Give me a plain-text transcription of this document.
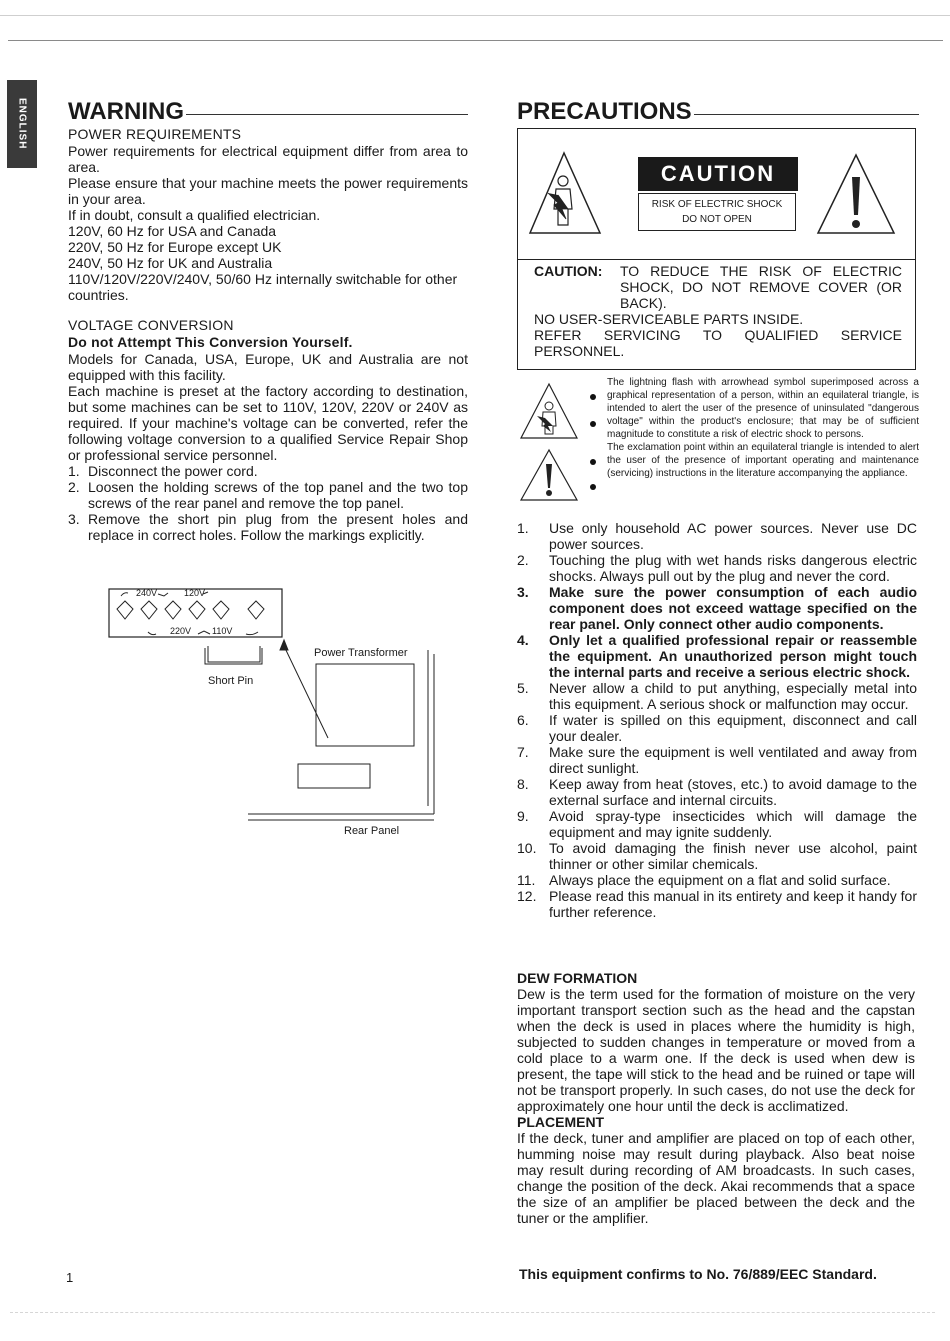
ENGLISH WARNING
POWER REQUIREMENTS

Power requirements for electrical equipment differ from area to area.

Please ensure that your machine meets the power requirements in your area.

If in doubt, consult a qualified electrician.

120V, 60 Hz for USA and Canada

220V, 50 Hz for Europe except UK

240V, 50 Hz for UK and Australia

110V/120V/220V/240V, 50/60 Hz internally switchable for other countries.

VOLTAGE CONVERSION
Do not Attempt This Conversion Yourself.

Models for Canada, USA, Europe, UK and Australia are not equipped with this facility.

Each machine is preset at the factory according to destination, but some machines can be set to 110V, 120V, 220V or 240V as required. If your machine's voltage can be converted, refer the following voltage conversion to a qualified Service Repair Shop or professional service personnel.

1. Disconnect the power cord.
2. Loosen the holding screws of the top panel and the two top screws of the rear panel and remove the top panel.
3. Remove the short pin plug from the present holes and replace in correct holes. Follow the markings explicitly.
240V	120V
220V 110V
Short Pin
Power Transformer
Rear Panel
PRECAUTIONS
CAUTION
RISK OF ELECTRIC SHOCK
DO NOT OPEN
CAUTION:	TO REDUCE THE RISK OF ELECTRIC SHOCK, DO NOT REMOVE COVER (OR BACK).
NO USER-SERVICEABLE PARTS INSIDE.
REFER SERVICING TO QUALIFIED SERVICE PERSONNEL.
The lightning flash with arrowhead symbol superimposed across a graphical representation of a person, within an equilateral triangle, is intended to alert the user of the presence of uninsulated "dangerous voltage" within the product's enclosure; that may be of sufficient magnitude to constitute a risk of electric shock to persons.
The exclamation point within an equilateral triangle is intended to alert the user of the presence of important operating and maintenance (servicing) instructions in the literature accompanying the appliance.
1. Use only household AC power sources. Never use DC power sources.
2. Touching the plug with wet hands risks dangerous electric shocks. Always pull out by the plug and never the cord.
3. Make sure the power consumption of each audio component does not exceed wattage specified on the rear panel. Only connect other audio components.
4. Only let a qualified professional repair or reassemble the equipment. An unauthorized person might touch the internal parts and receive a serious electric shock.
5. Never allow a child to put anything, especially metal into this equipment. A serious shock or malfunction may occur.
6. If water is spilled on this equipment, disconnect and call your dealer.
7. Make sure the equipment is well ventilated and away from direct sunlight.
8. Keep away from heat (stoves, etc.) to avoid damage to the external surface and internal circuits.
9. Avoid spray-type insecticides which will damage the equipment and may ignite suddenly.
10. To avoid damaging the finish never use alcohol, paint thinner or other similar chemicals.
11. Always place the equipment on a flat and solid surface.
12. Please read this manual in its entirety and keep it handy for further reference.
DEW FORMATION

Dew is the term used for the formation of moisture on the very important transport section such as the head and the capstan when the deck is used in places where the humidity is high, subjected to sudden changes in temperature or moved from a cold place to a warm one. If the deck is used when dew is present, the tape will stick to the head and be ruined or tape will not be transport properly. In such cases, do not use the deck for approximately one hour until the deck is acclimatized.

PLACEMENT

If the deck, tuner and amplifier are placed on top of each other, humming noise may result during playback. Also beat noise may result during recording of AM broadcasts. In such cases, change the position of the deck. Akai recommends that a space the size of an amplifier be placed between the deck and the tuner or the amplifier.

1	This equipment confirms to No. 76/889/EEC Standard.
